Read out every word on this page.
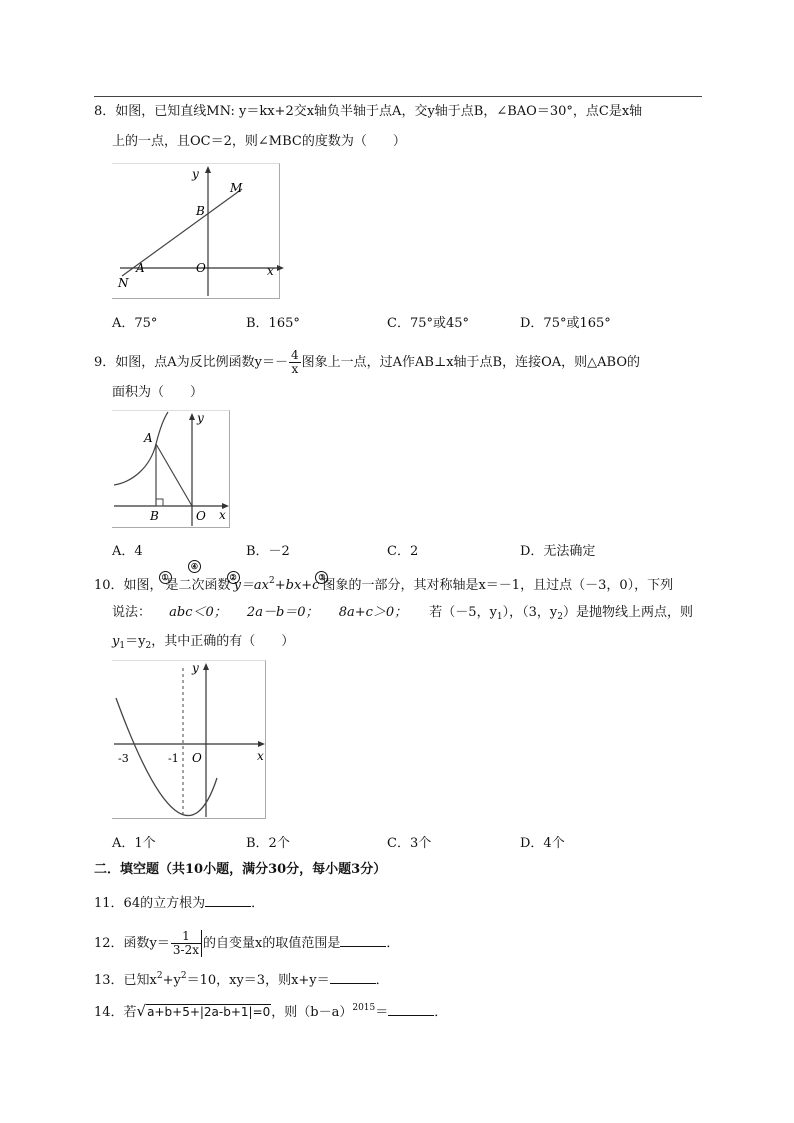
8．如图，已知直线MN: y＝kx+2交x轴负半轴于点A，交y轴于点B，∠BAO＝30°，点C是x轴
上的一点，且OC＝2，则∠MBC的度数为（　　）
y
M
B
A	O	x
N
A．75°	B．165°	C．75°或45°	D．75°或165°
9．如图，点A为反比例函数$y=- \frac{4}{x}$ 图象上一点，过A作AB⊥x轴于点B，连接OA，则△ABO的
面积为（　　）
y
A
B	O x
A．4	B．－2	C．2	D．无法确定
10．如图，①是二次函数$②y=ax^2+bx+c③$图象的一部分，其对称轴是x＝－1，且过点（－3，0），下列
说法： abc＜0； 2a－b＝0； 8a+c＞0； 若（－5，$y_1$），（3，$y_2$）是抛物线上两点，则
$y_1=y_2$，其中正确的有（　　）
④
y
-3	-1 O	x
A．1个	B．2个	C．3个	D．4个
二．填空题（共10小题，满分30分，每小题3分）
11．64的立方根为	．
12．函数$y= \frac{1}{3-2x}$ 的自变量x的取值范围是	．
13．已知$x^2+y^2=10$，xy＝3，则x+y＝	．
14．若√a+b+5+|2a-b+1|=0，则$(b-a)^{2015}=$	．
